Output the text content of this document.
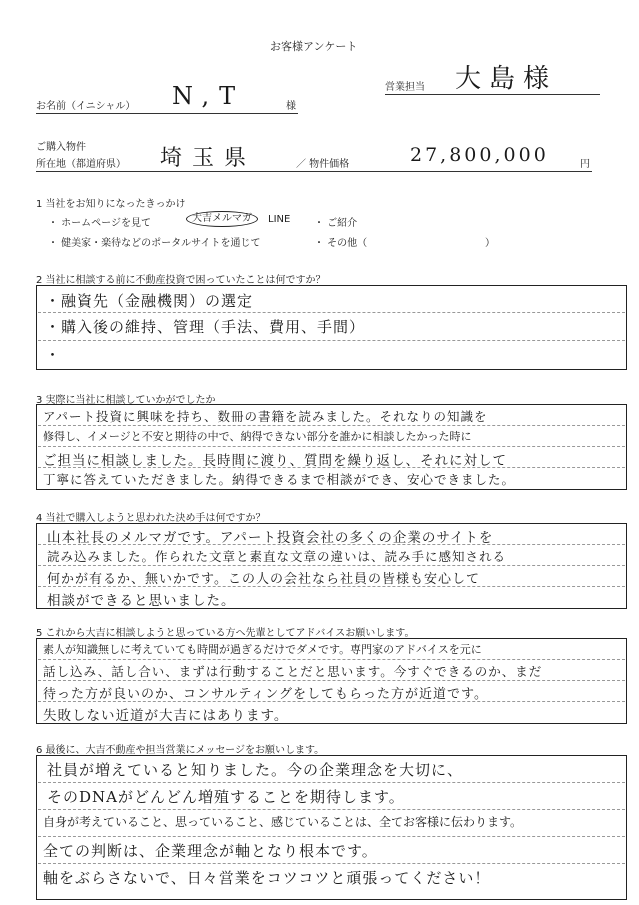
お客様アンケート
営業担当 大島様
お名前（イニシャル） N,T	様
ご購入物件
所在地（都道府県） 埼玉県	／ 物件価格	27,800,000	円
1 当社をお知りになったきっかけ
・ ホームページを見て	大吉メルマガ	LINE ・ ご紹介
・ 健美家・楽待などのポータルサイトを通じて	・ その他（	）
2 当社に相談する前に不動産投資で困っていたことは何ですか？
・融資先（金融機関）の選定
・購入後の維持、管理（手法、費用、手間）
・
3 実際に当社に相談していかがでしたか
アパート投資に興味を持ち、数冊の書籍を読みました。それなりの知識を
修得し、イメージと不安と期待の中で、納得できない部分を誰かに相談したかった時に
ご担当に相談しました。長時間に渡り、質問を繰り返し、それに対して
丁寧に答えていただきました。納得できるまで相談ができ、安心できました。
4 当社で購入しようと思われた決め手は何ですか？
山本社長のメルマガです。アパート投資会社の多くの企業のサイトを
読み込みました。作られた文章と素直な文章の違いは、読み手に感知される
何かが有るか、無いかです。この人の会社なら社員の皆様も安心して
相談ができると思いました。
5 これから大吉に相談しようと思っている方へ先輩としてアドバイスお願いします。
素人が知識無しに考えていても時間が過ぎるだけでダメです。専門家のアドバイスを元に
話し込み、話し合い、まずは行動することだと思います。今すぐできるのか、まだ
待った方が良いのか、コンサルティングをしてもらった方が近道です。
失敗しない近道が大吉にはあります。
6 最後に、大吉不動産や担当営業にメッセージをお願いします。
社員が増えていると知りました。今の企業理念を大切に、
そのDNAがどんどん増殖することを期待します。
自身が考えていること、思っていること、感じていることは、全てお客様に伝わります。
全ての判断は、企業理念が軸となり根本です。
軸をぶらさないで、日々営業をコツコツと頑張ってください！
